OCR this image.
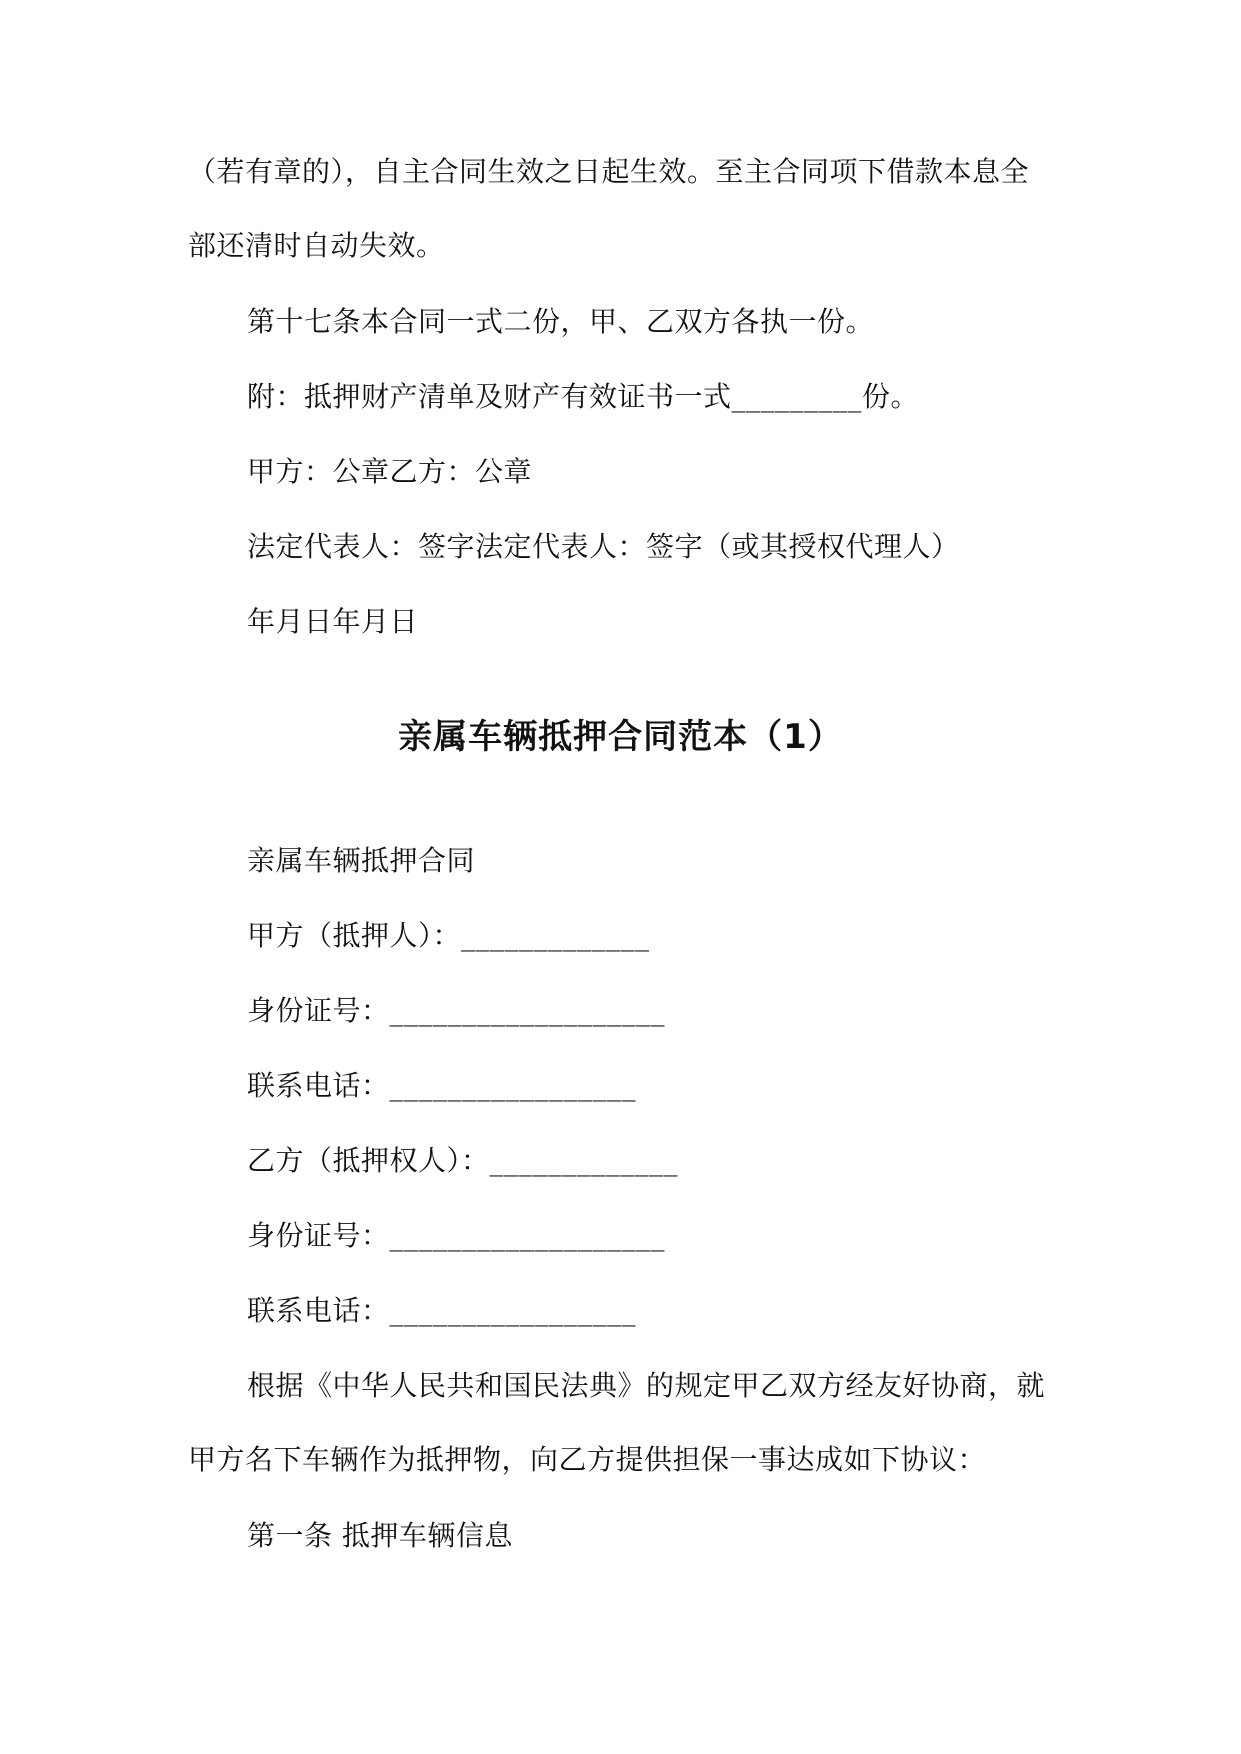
（若有章的），自主合同生效之日起生效。至主合同项下借款本息全
部还清时自动失效。
第十七条本合同一式二份，甲、乙双方各执一份。
附：抵押财产清单及财产有效证书一式_________份。
甲方：公章乙方：公章
法定代表人：签字法定代表人：签字（或其授权代理人）
年月日年月日
亲属车辆抵押合同范本（1）
亲属车辆抵押合同
甲方（抵押人）：_____________
身份证号：___________________
联系电话：_________________
乙方（抵押权人）：_____________
身份证号：___________________
联系电话：_________________
根据《中华人民共和国民法典》的规定甲乙双方经友好协商，就
甲方名下车辆作为抵押物，向乙方提供担保一事达成如下协议：
第一条 抵押车辆信息
